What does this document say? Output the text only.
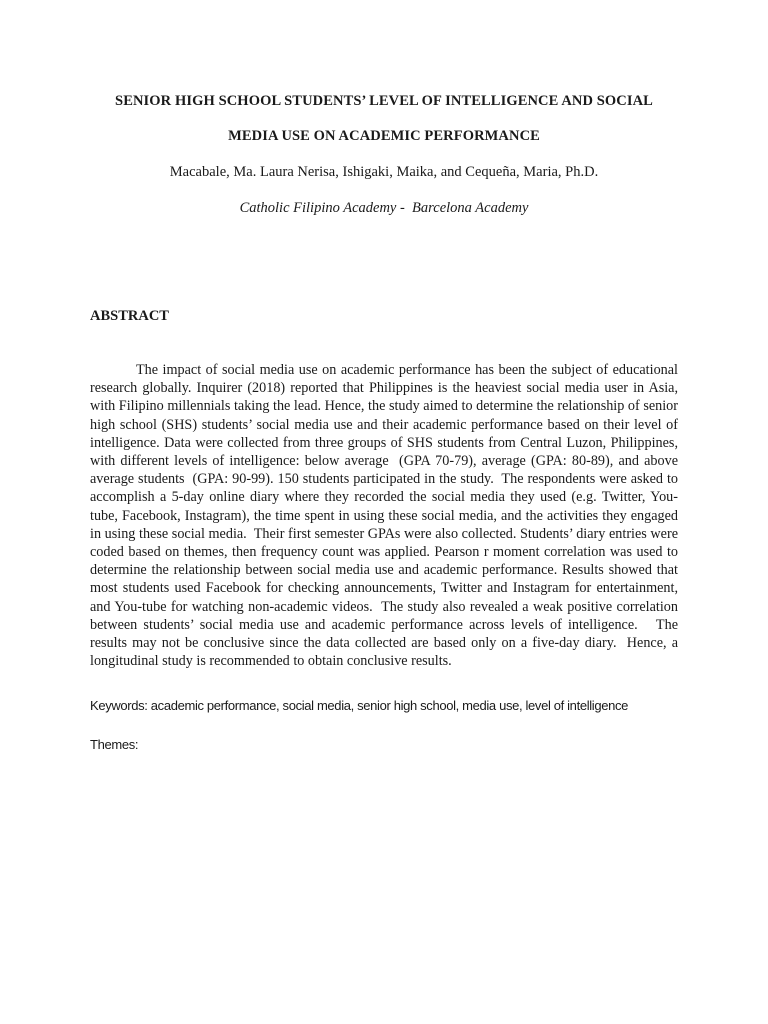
SENIOR HIGH SCHOOL STUDENTS’ LEVEL OF INTELLIGENCE AND SOCIAL
MEDIA USE ON ACADEMIC PERFORMANCE
Macabale, Ma. Laura Nerisa, Ishigaki, Maika, and Cequeña, Maria, Ph.D.
Catholic Filipino Academy -  Barcelona Academy
ABSTRACT

The impact of social media use on academic performance has been the subject of educational research globally. Inquirer (2018) reported that Philippines is the heaviest social media user in Asia, with Filipino millennials taking the lead. Hence, the study aimed to determine the relationship of senior high school (SHS) students’ social media use and their academic performance based on their level of intelligence. Data were collected from three groups of SHS students from Central Luzon, Philippines, with different levels of intelligence: below average  (GPA 70-79), average (GPA: 80-89), and above average students  (GPA: 90-99). 150 students participated in the study.  The respondents were asked to accomplish a 5-day online diary where they recorded the social media they used (e.g. Twitter, You-tube, Facebook, Instagram), the time spent in using these social media, and the activities they engaged in using these social media.  Their first semester GPAs were also collected. Students’ diary entries were coded based on themes, then frequency count was applied. Pearson r moment correlation was used to determine the relationship between social media use and academic performance. Results showed that most students used Facebook for checking announcements, Twitter and Instagram for entertainment, and You-tube for watching non-academic videos.  The study also revealed a weak positive correlation between students’ social media use and academic performance across levels of intelligence.   The results may not be conclusive since the data collected are based only on a five-day diary.  Hence, a longitudinal study is recommended to obtain conclusive results.

Keywords: academic performance, social media, senior high school, media use, level of intelligence
Themes:
